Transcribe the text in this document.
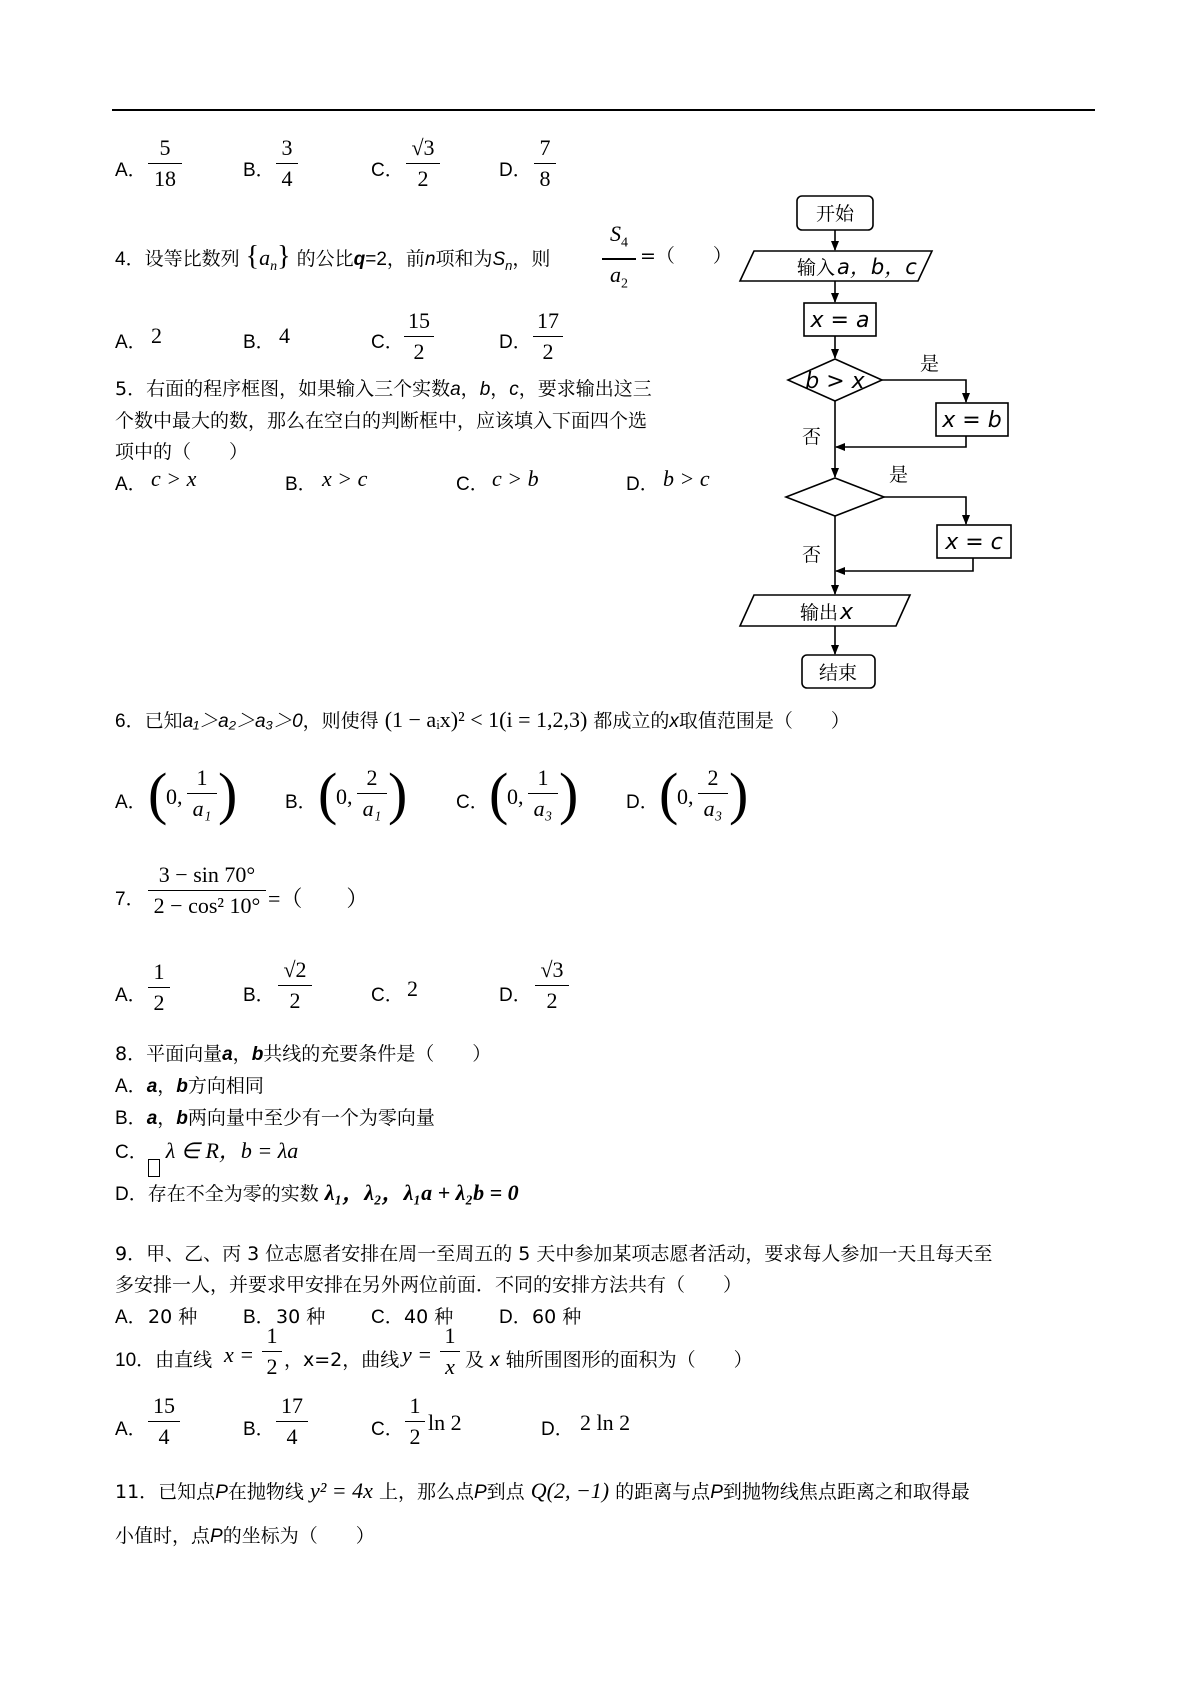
A．
5
18	B．
3
4	C．
√3
2	D．
7
8
4．设等比数列 $\{a_n\}$ 的公比q=2，前n项和为$S_n$，则
$S_4$
$a_2$
=（　　）
A． 2	B． 4	C．
15
2	D．
17
2
5．右面的程序框图，如果输入三个实数a，b，c，要求输出这三
个数中最大的数，那么在空白的判断框中，应该填入下面四个选
项中的（　　）
A． c > x	B． x > c	C． c > b	D． b > c
开始
输入 a，b，c
x = a
b > x
是
x = b
否
是
x = c
否
输出 x
结束
6．已知a₁＞a₂＞a₃＞0，则使得 (1 − aᵢx)² < 1(i = 1,2,3) 都成立的x取值范围是（　　）
A． (
0,
1
a₁ )	B． (
0,
2
a₁ )	C． (
0,
1
a₃ )	D． (
0,
2
a₃ )
7．
3 − sin 70°
2 − cos² 10° =（　　）
A．
1
2	B．
√2
2	C． 2	D．
√3
2
8．平面向量a，b共线的充要条件是（　　）
A．a，b方向相同
B．a，b两向量中至少有一个为零向量
C． λ ∈ R，b = λa
D．存在不全为零的实数 λ₁，λ₂，λ₁a + λ₂b = 0
9．甲、乙、丙 3 位志愿者安排在周一至周五的 5 天中参加某项志愿者活动，要求每人参加一天且每天至
多安排一人，并要求甲安排在另外两位前面．不同的安排方法共有（　　）
A． 20 种 B． 30 种 C． 40 种 D． 60 种
10．由直线 x =
1
2 ，x=2，曲线 y =
1
x 及 x 轴所围图形的面积为（　　）
A．
15
4	B．
17
4	C．
1
2
ln 2	D． 2 ln 2
11．已知点P在抛物线 y² = 4x 上，那么点P到点 Q(2, −1) 的距离与点P到抛物线焦点距离之和取得最
小值时，点P的坐标为（　　）
